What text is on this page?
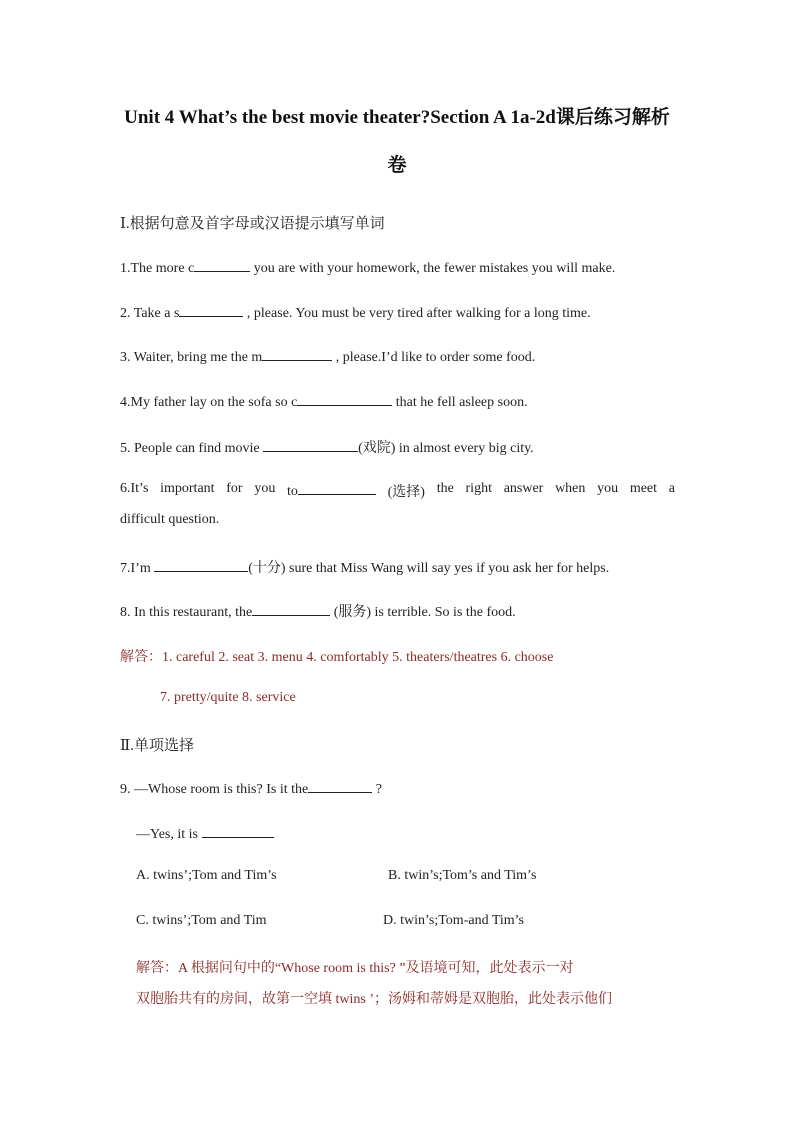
Unit 4 What’s the best movie theater?Section A 1a-2d课后练习解析
卷
Ⅰ.根据句意及首字母或汉语提示填写单词
1.The more c	you are with your homework, the fewer mistakes you will make.
2. Take a s	, please. You must be very tired after walking for a long time.
3. Waiter, bring me the m	, please.I’d like to order some food.
4.My father lay on the sofa so c	that he fell asleep soon.
5. People can find movie	(戏院) in almost every big city.
6.It’s important for you to	(选择) the right answer when you meet a
difficult question.
7.I’m	(十分) sure that Miss Wang will say yes if you ask her for helps.
8. In this restaurant, the	(服务) is terrible. So is the food.
解答：1. careful 2. seat 3. menu 4. comfortably 5. theaters/theatres 6. choose
7. pretty/quite 8. service
Ⅱ.单项选择
9. —Whose room is this? Is it the	?
—Yes, it is
A. twins’;Tom and Tim’s	B. twin’s;Tom’s and Tim’s
C. twins’;Tom and Tim	D. twin’s;Tom-and Tim’s
解答：A 根据问句中的“Whose room is this? ”及语境可知，此处表示一对
双胞胎共有的房间，故第一空填 twins ’；汤姆和蒂姆是双胞胎，此处表示他们
